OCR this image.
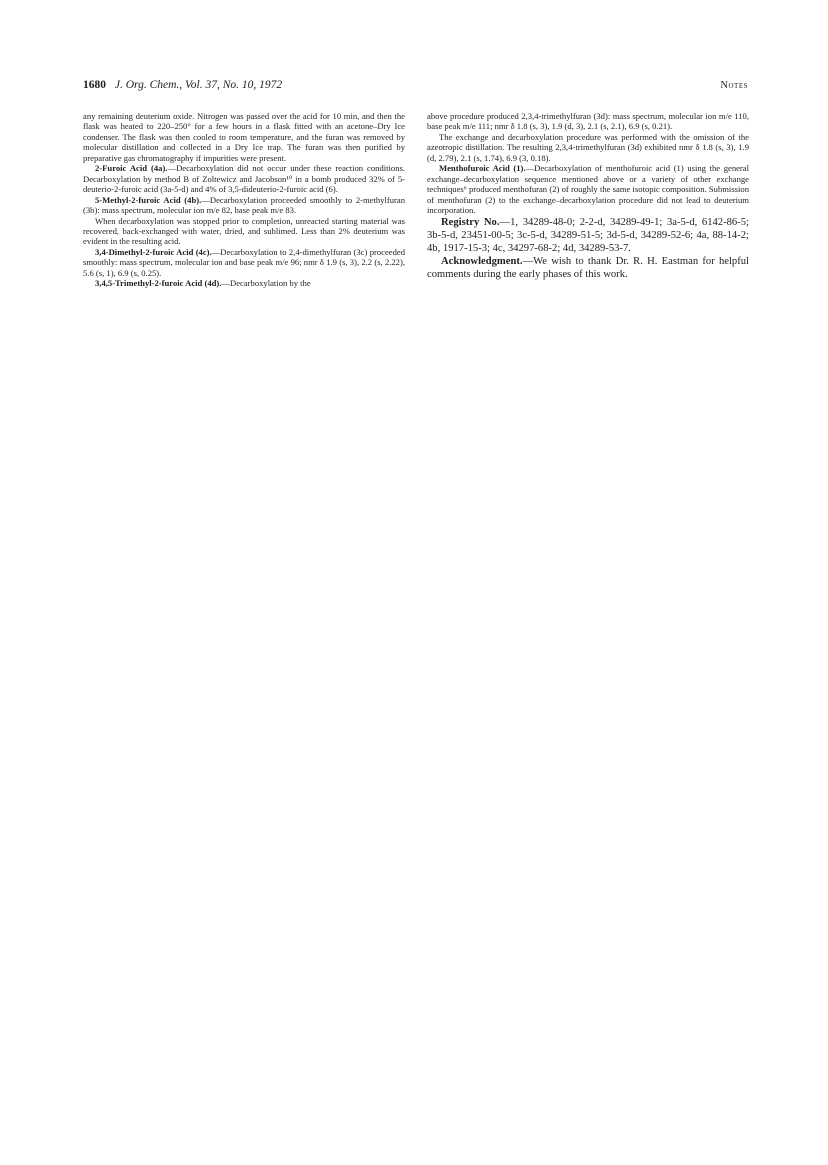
1680 J. Org. Chem., Vol. 37, No. 10, 1972	Notes

any remaining deuterium oxide. Nitrogen was passed over the acid for 10 min, and then the flask was heated to 220–250° for a few hours in a flask fitted with an acetone–Dry Ice condenser. The flask was then cooled to room temperature, and the furan was removed by molecular distillation and collected in a Dry Ice trap. The furan was then purified by preparative gas chromatography if impurities were present.

2-Furoic Acid (4a).—Decarboxylation did not occur under these reaction conditions. Decarboxylation by method B of Zoltewicz and Jacobson¹⁰ in a bomb produced 32% of 5-deuterio-2-furoic acid (3a-5-d) and 4% of 3,5-dideuterio-2-furoic acid (6).

5-Methyl-2-furoic Acid (4b).—Decarboxylation proceeded smoothly to 2-methylfuran (3b): mass spectrum, molecular ion m/e 82, base peak m/e 83.

When decarboxylation was stopped prior to completion, unreacted starting material was recovered, back-exchanged with water, dried, and sublimed. Less than 2% deuterium was evident in the resulting acid.

3,4-Dimethyl-2-furoic Acid (4c).—Decarboxylation to 2,4-dimethylfuran (3c) proceeded smoothly: mass spectrum, molecular ion and base peak m/e 96; nmr δ 1.9 (s, 3), 2.2 (s, 2.22), 5.6 (s, 1), 6.9 (s, 0.25).

3,4,5-Trimethyl-2-furoic Acid (4d).—Decarboxylation by the

above procedure produced 2,3,4-trimethylfuran (3d): mass spectrum, molecular ion m/e 110, base peak m/e 111; nmr δ 1.8 (s, 3), 1.9 (d, 3), 2.1 (s, 2.1), 6.9 (s, 0.21).

The exchange and decarboxylation procedure was performed with the omission of the azeotropic distillation. The resulting 2,3,4-trimethylfuran (3d) exhibited nmr δ 1.8 (s, 3), 1.9 (d, 2.79), 2.1 (s, 1.74), 6.9 (3, 0.18).

Menthofuroic Acid (1).—Decarboxylation of menthofuroic acid (1) using the general exchange–decarboxylation sequence mentioned above or a variety of other exchange techniques⁶ produced menthofuran (2) of roughly the same isotopic composition. Submission of menthofuran (2) to the exchange–decarboxylation procedure did not lead to deuterium incorporation.

Registry No.—1, 34289-48-0; 2-2-d, 34289-49-1; 3a-5-d, 6142-86-5; 3b-5-d, 23451-00-5; 3c-5-d, 34289-51-5; 3d-5-d, 34289-52-6; 4a, 88-14-2; 4b, 1917-15-3; 4c, 34297-68-2; 4d, 34289-53-7.

Acknowledgment.—We wish to thank Dr. R. H. Eastman for helpful comments during the early phases of this work.
